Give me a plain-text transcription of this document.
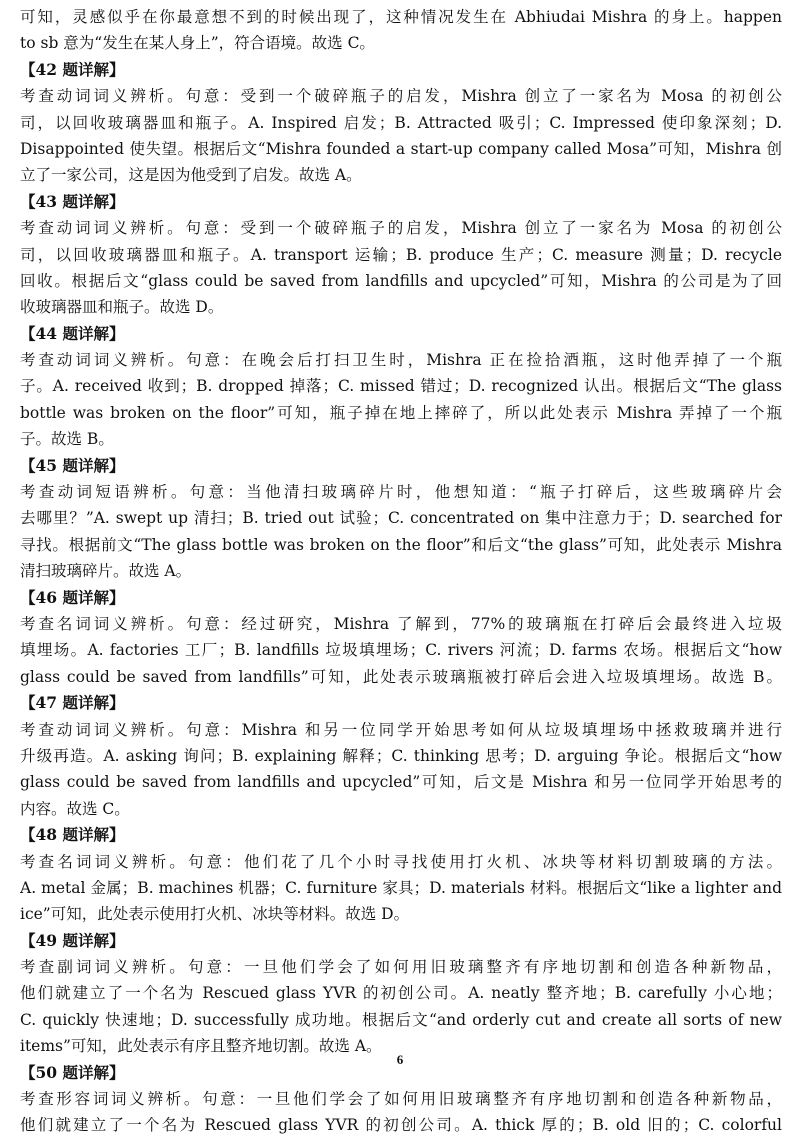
可知，灵感似乎在你最意想不到的时候出现了，这种情况发生在 Abhiudai Mishra 的身上。happen
to sb 意为“发生在某人身上”，符合语境。故选 C。
【42 题详解】
考查动词词义辨析。句意：受到一个破碎瓶子的启发，Mishra 创立了一家名为 Mosa 的初创公
司，以回收玻璃器皿和瓶子。A. Inspired 启发；B. Attracted 吸引；C. Impressed 使印象深刻；D.
Disappointed 使失望。根据后文“Mishra founded a start-up company called Mosa”可知，Mishra 创
立了一家公司，这是因为他受到了启发。故选 A。
【43 题详解】
考查动词词义辨析。句意：受到一个破碎瓶子的启发，Mishra 创立了一家名为 Mosa 的初创公
司，以回收玻璃器皿和瓶子。A. transport 运输；B. produce 生产；C. measure 测量；D. recycle
回收。根据后文“glass could be saved from landfills and upcycled”可知，Mishra 的公司是为了回
收玻璃器皿和瓶子。故选 D。
【44 题详解】
考查动词词义辨析。句意：在晚会后打扫卫生时，Mishra 正在捡拾酒瓶，这时他弄掉了一个瓶
子。A. received 收到；B. dropped 掉落；C. missed 错过；D. recognized 认出。根据后文“The glass
bottle was broken on the floor”可知，瓶子掉在地上摔碎了，所以此处表示 Mishra 弄掉了一个瓶
子。故选 B。
【45 题详解】
考查动词短语辨析。句意：当他清扫玻璃碎片时，他想知道：“瓶子打碎后，这些玻璃碎片会
去哪里？”A. swept up 清扫；B. tried out 试验；C. concentrated on 集中注意力于；D. searched for
寻找。根据前文“The glass bottle was broken on the floor”和后文“the glass”可知，此处表示 Mishra
清扫玻璃碎片。故选 A。
【46 题详解】
考查名词词义辨析。句意：经过研究，Mishra 了解到，77%的玻璃瓶在打碎后会最终进入垃圾
填埋场。A. factories 工厂；B. landfills 垃圾填埋场；C. rivers 河流；D. farms 农场。根据后文“how
glass could be saved from landfills”可知，此处表示玻璃瓶被打碎后会进入垃圾填埋场。故选 B。
【47 题详解】
考查动词词义辨析。句意：Mishra 和另一位同学开始思考如何从垃圾填埋场中拯救玻璃并进行
升级再造。A. asking 询问；B. explaining 解释；C. thinking 思考；D. arguing 争论。根据后文“how
glass could be saved from landfills and upcycled”可知，后文是 Mishra 和另一位同学开始思考的
内容。故选 C。
【48 题详解】
考查名词词义辨析。句意：他们花了几个小时寻找使用打火机、冰块等材料切割玻璃的方法。
A. metal 金属；B. machines 机器；C. furniture 家具；D. materials 材料。根据后文“like a lighter and
ice”可知，此处表示使用打火机、冰块等材料。故选 D。
【49 题详解】
考查副词词义辨析。句意：一旦他们学会了如何用旧玻璃整齐有序地切割和创造各种新物品，
他们就建立了一个名为 Rescued glass YVR 的初创公司。A. neatly 整齐地；B. carefully 小心地；
C. quickly 快速地；D. successfully 成功地。根据后文“and orderly cut and create all sorts of new
items”可知，此处表示有序且整齐地切割。故选 A。
【50 题详解】
考查形容词词义辨析。句意：一旦他们学会了如何用旧玻璃整齐有序地切割和创造各种新物品，
他们就建立了一个名为 Rescued glass YVR 的初创公司。A. thick 厚的；B. old 旧的；C. colorful
6
